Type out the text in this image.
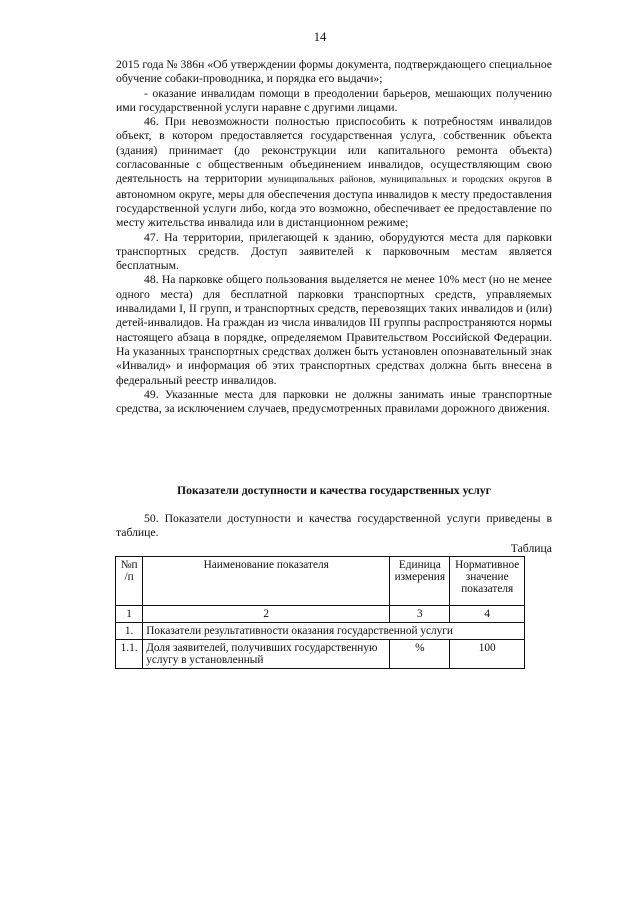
14

2015 года № 386н «Об утверждении формы документа, подтверждающего специальное обучение собаки-проводника, и порядка его выдачи»;

- оказание инвалидам помощи в преодолении барьеров, мешающих получению ими государственной услуги наравне с другими лицами.

46. При невозможности полностью приспособить к потребностям инвалидов объект, в котором предоставляется государственная услуга, собственник объекта (здания) принимает (до реконструкции или капитального ремонта объекта) согласованные с общественным объединением инвалидов, осуществляющим свою деятельность на территории муниципальных районов, муниципальных и городских округов в автономном округе, меры для обеспечения доступа инвалидов к месту предоставления государственной услуги либо, когда это возможно, обеспечивает ее предоставление по месту жительства инвалида или в дистанционном режиме;

47. На территории, прилегающей к зданию, оборудуются места для парковки транспортных средств. Доступ заявителей к парковочным местам является бесплатным.

48. На парковке общего пользования выделяется не менее 10% мест (но не менее одного места) для бесплатной парковки транспортных средств, управляемых инвалидами I, II групп, и транспортных средств, перевозящих таких инвалидов и (или) детей-инвалидов. На граждан из числа инвалидов III группы распространяются нормы настоящего абзаца в порядке, определяемом Правительством Российской Федерации. На указанных транспортных средствах должен быть установлен опознавательный знак «Инвалид» и информация об этих транспортных средствах должна быть внесена в федеральный реестр инвалидов.

49. Указанные места для парковки не должны занимать иные транспортные средства, за исключением случаев, предусмотренных правилами дорожного движения.

Показатели доступности и качества государственных услуг
50. Показатели доступности и качества государственной услуги приведены в таблице.
Таблица
№п /п	Наименование показателя	Единица измерения	Нормативное значение показателя
1	2	3	4
1.	Показатели результативности оказания государственной услуги		
1.1.	Доля заявителей, получивших государственную услугу в установленный	%	100
